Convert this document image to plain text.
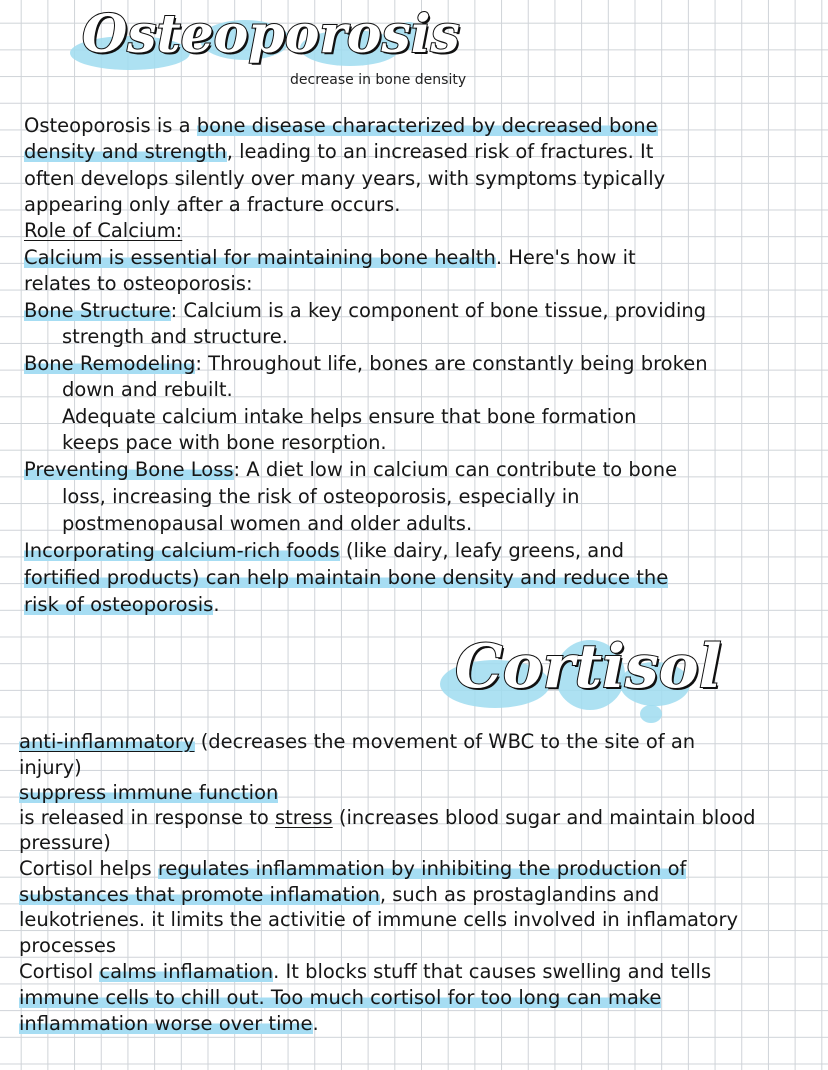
Osteoporosis
decrease in bone density

Osteoporosis is a bone disease characterized by decreased bone

density and strength, leading to an increased risk of fractures. It

often develops silently over many years, with symptoms typically

appearing only after a fracture occurs.

Role of Calcium:

Calcium is essential for maintaining bone health. Here's how it

relates to osteoporosis:

Bone Structure: Calcium is a key component of bone tissue, providing

strength and structure.

Bone Remodeling: Throughout life, bones are constantly being broken

down and rebuilt.

Adequate calcium intake helps ensure that bone formation

keeps pace with bone resorption.

Preventing Bone Loss: A diet low in calcium can contribute to bone

loss, increasing the risk of osteoporosis, especially in

postmenopausal women and older adults.

Incorporating calcium-rich foods (like dairy, leafy greens, and

fortified products) can help maintain bone density and reduce the

risk of osteoporosis.

Cortisol

anti-inflammatory (decreases the movement of WBC to the site of an

injury)

suppress immune function

is released in response to stress (increases blood sugar and maintain blood

pressure)

Cortisol helps regulates inflammation by inhibiting the production of

substances that promote inflamation, such as prostaglandins and

leukotrienes. it limits the activitie of immune cells involved in inflamatory

processes

Cortisol calms inflamation. It blocks stuff that causes swelling and tells

immune cells to chill out. Too much cortisol for too long can make

inflammation worse over time.
